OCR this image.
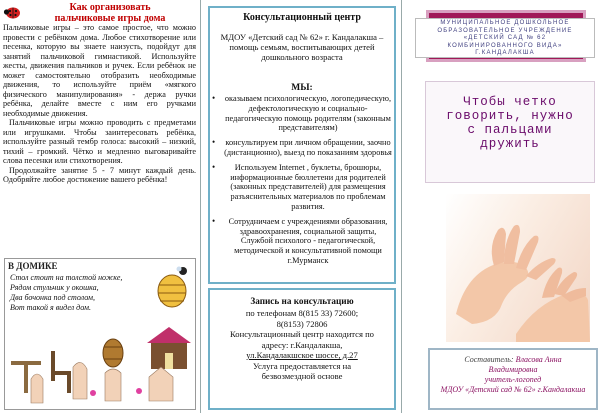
Как организовать
пальчиковые игры дома

Пальчиковые игры – это самое простое, что можно провести с ребёнком дома. Любое стихотворение или песенка, которую вы знаете наизусть, подойдут для занятий пальчиковой гимнастикой. Используйте жесты, движения пальчиков и ручек. Если ребёнок не может самостоятельно отобразить необходимые движения, то используйте приём «мягкого физического манипулирования» - держа ручки ребёнка, делайте вместе с ним его ручками необходимые движения.

Пальчиковые игры можно проводить с предметами или игрушками. Чтобы заинтересовать ребёнка, используйте разный тембр голоса: высокий – низкий, тихий – громкий. Чётко и медленно выговаривайте слова песенки или стихотворения.

Продолжайте занятие 5 - 7 минут каждый день. Одобряйте любое достижение вашего ребёнка!

В ДОМИКЕ
Стол стоит на толстой ножке,
Рядом стульчик у окошка,
Два бочонка под столом,
Вот такой я видел дом.
Консультационный центр
МДОУ «Детский сад № 62» г. Кандалакша – помощь семьям, воспитывающих детей дошкольного возраста
МЫ:
• оказываем психологическую, логопедическую, дефектологическую и социально-педагогическую помощь родителям (законным представителям)
• консультируем при личном обращении, заочно (дистанционно), выезд по показаниям здоровья
• Используем Internet , буклеты, брошюры, информационные бюллетени для родителей (законных представителей) для размещения разъяснительных материалов по проблемам развития.
• Сотрудничаем с учреждениями образования, здравоохранения, социальной защиты, Службой психолого - педагогической, методической и консультативной помощи г.Мурманск
Запись на консультацию
по телефонам 8(815 33) 72600;
8(8153) 72806
Консультационный центр находится по
адресу: г.Кандалакша,
ул.Кандалакшское шоссе, д.27
Услуга предоставляется на
безвозмездной основе
МУНИЦИПАЛЬНОЕ ДОШКОЛЬНОЕ
ОБРАЗОВАТЕЛЬНОЕ УЧРЕЖДЕНИЕ
«ДЕТСКИЙ САД № 62
КОМБИНИРОВАННОГО ВИДА»
Г.КАНДАЛАКША
Чтобы четко
говорить, нужно
с пальцами
дружить
Составитель: Власова Анна
Владимировна
учитель-логопед
МДОУ «Детский сад № 62» г.Кандалакша
